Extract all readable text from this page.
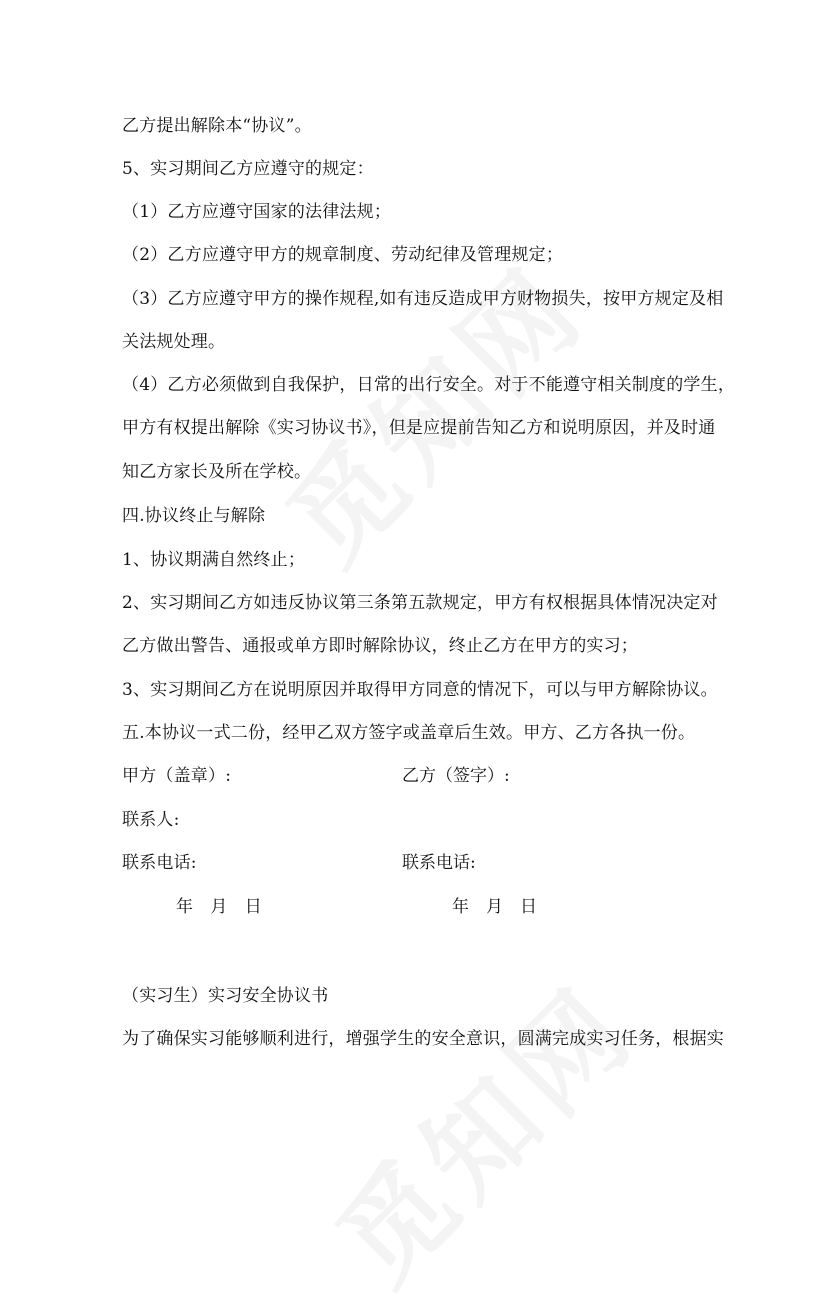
乙方提出解除本“协议”。
5、实习期间乙方应遵守的规定：
（1）乙方应遵守国家的法律法规；
（2）乙方应遵守甲方的规章制度、劳动纪律及管理规定；
（3）乙方应遵守甲方的操作规程,如有违反造成甲方财物损失，按甲方规定及相
关法规处理。
（4）乙方必须做到自我保护，日常的出行安全。对于不能遵守相关制度的学生，
甲方有权提出解除《实习协议书》，但是应提前告知乙方和说明原因，并及时通
知乙方家长及所在学校。
四.协议终止与解除
1、协议期满自然终止；
2、实习期间乙方如违反协议第三条第五款规定，甲方有权根据具体情况决定对
乙方做出警告、通报或单方即时解除协议，终止乙方在甲方的实习；
3、实习期间乙方在说明原因并取得甲方同意的情况下，可以与甲方解除协议。
五.本协议一式二份，经甲乙双方签字或盖章后生效。甲方、乙方各执一份。
甲方（盖章）:	乙方（签字）:
联系人:
联系电话:	联系电话:
年　月　日	年　月　日
（实习生）实习安全协议书
为了确保实习能够顺利进行，增强学生的安全意识，圆满完成实习任务，根据实
